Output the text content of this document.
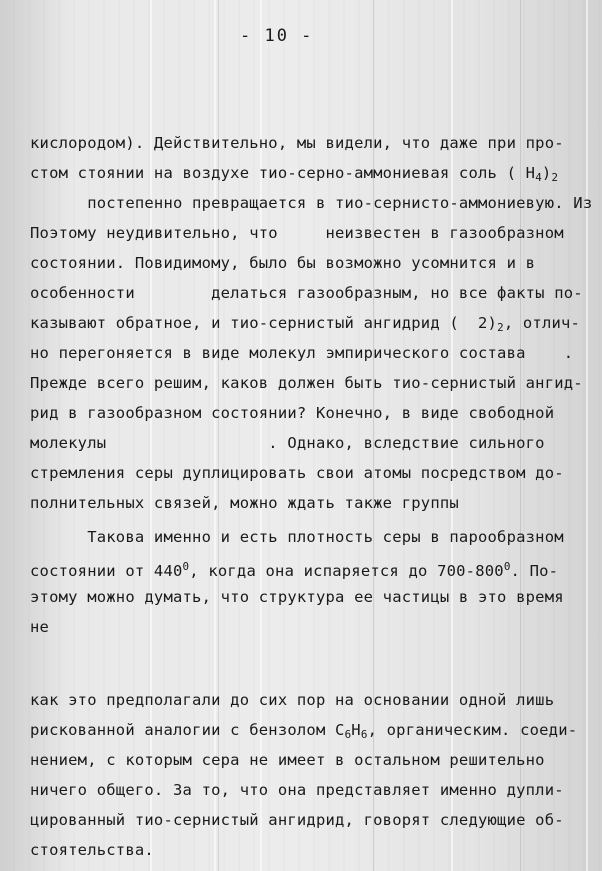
- 10 -
кислородом). Действительно, мы видели, что даже при про-
стом стоянии на воздухе тио-серно-аммониевая соль ( $Н_4)_2$
постепенно превращается в тио-сернисто-аммониевую. Из
Поэтому неудивительно, что     неизвестен в газообразном
состоянии. Повидимому, было бы возможно усомнится и в
особенности        делаться газообразным, но все факты по-
казывают обратное, и тио-сернистый ангидрид (  $2)_2$, отлич-
но перегоняется в виде молекул эмпирического состава    .
Прежде всего решим, каков должен быть тио-сернистый ангид-
рид в газообразном состоянии? Конечно, в виде свободной
молекулы                 . Однако, вследствие сильного
стремления серы дуплицировать свои атомы посредством до-
полнительных связей, можно ждать также группы
Такова именно и есть плотность серы в парообразном
состоянии от $440^0$, когда она испаряется до $700-800^0$. По-
этому можно думать, что структура ее частицы в это время
не
как это предполагали до сих пор на основании одной лишь
рискованной аналогии с бензолом $С_6Н_6$, органическим. соеди-
нением, с которым сера не имеет в остальном решительно
ничего общего. За то, что она представляет именно дупли-
цированный тио-сернистый ангидрид, говорят следующие об-
стоятельства.
